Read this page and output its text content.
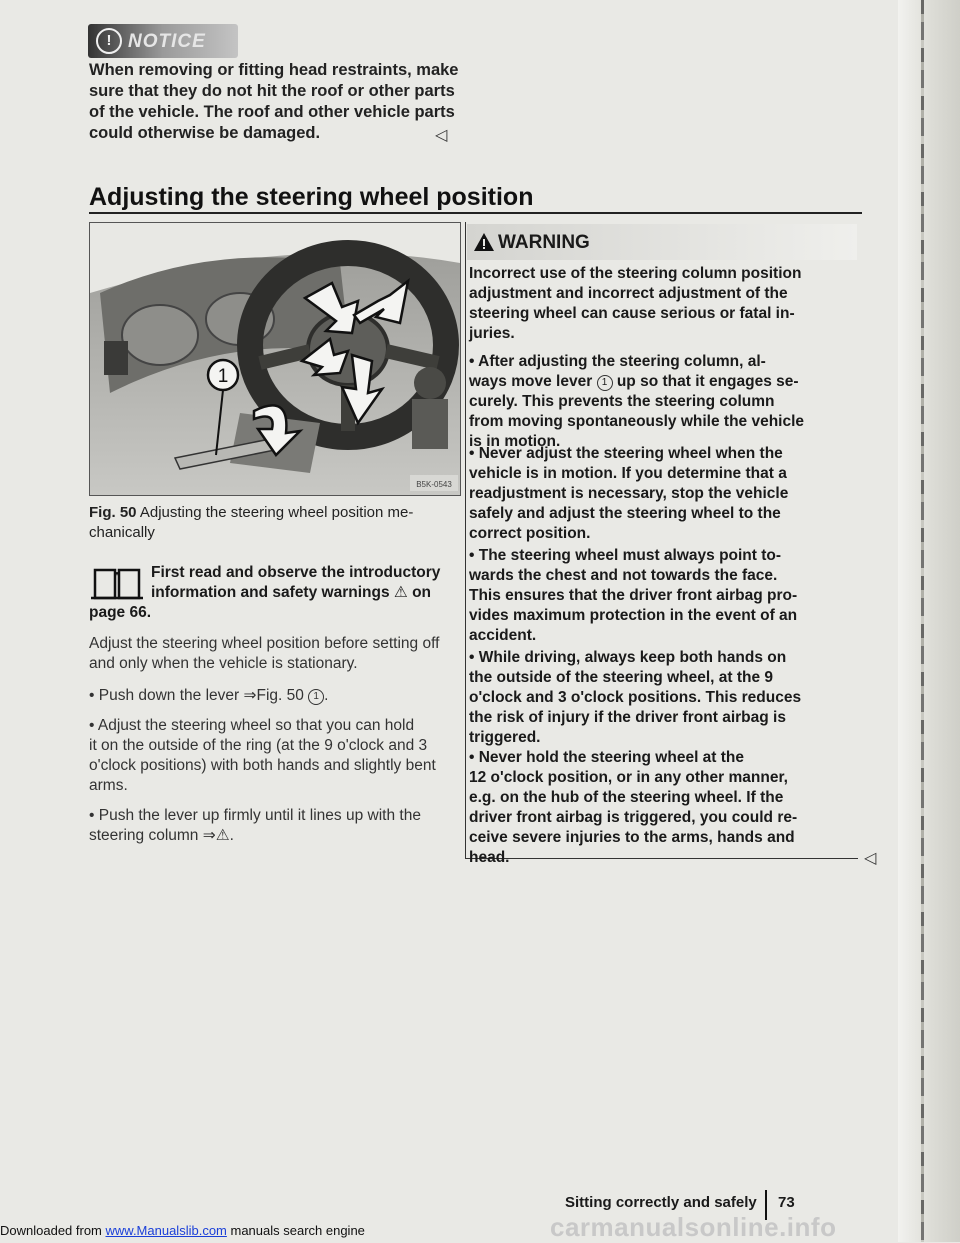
! NOTICE
When removing or fitting head restraints, make
sure that they do not hit the roof or other parts
of the vehicle. The roof and other vehicle parts
could otherwise be damaged.	◁
Adjusting the steering wheel position
1
B5K-0543
Fig. 50 Adjusting the steering wheel position me-
chanically
First read and observe the introductory
information and safety warnings ⚠ on
page 66.
Adjust the steering wheel position before setting off
and only when the vehicle is stationary.
• Push down the lever ⇒Fig. 50 1 .
• Adjust the steering wheel so that you can hold
it on the outside of the ring (at the 9 o'clock and 3
o'clock positions) with both hands and slightly bent
arms.
• Push the lever up firmly until it lines up with the
steering column ⇒⚠.
WARNING
Incorrect use of the steering column position
adjustment and incorrect adjustment of the
steering wheel can cause serious or fatal in-
juries.
• After adjusting the steering column, al-
ways move lever 1 up so that it engages se-
curely. This prevents the steering column
from moving spontaneously while the vehicle
is in motion.
• Never adjust the steering wheel when the
vehicle is in motion. If you determine that a
readjustment is necessary, stop the vehicle
safely and adjust the steering wheel to the
correct position.
• The steering wheel must always point to-
wards the chest and not towards the face.
This ensures that the driver front airbag pro-
vides maximum protection in the event of an
accident.
• While driving, always keep both hands on
the outside of the steering wheel, at the 9
o'clock and 3 o'clock positions. This reduces
the risk of injury if the driver front airbag is
triggered.
• Never hold the steering wheel at the
12 o'clock position, or in any other manner,
e.g. on the hub of the steering wheel. If the
driver front airbag is triggered, you could re-
ceive severe injuries to the arms, hands and
head.	◁
Sitting correctly and safely 73
carmanualsonline.info
Downloaded from www.Manualslib.com manuals search engine
